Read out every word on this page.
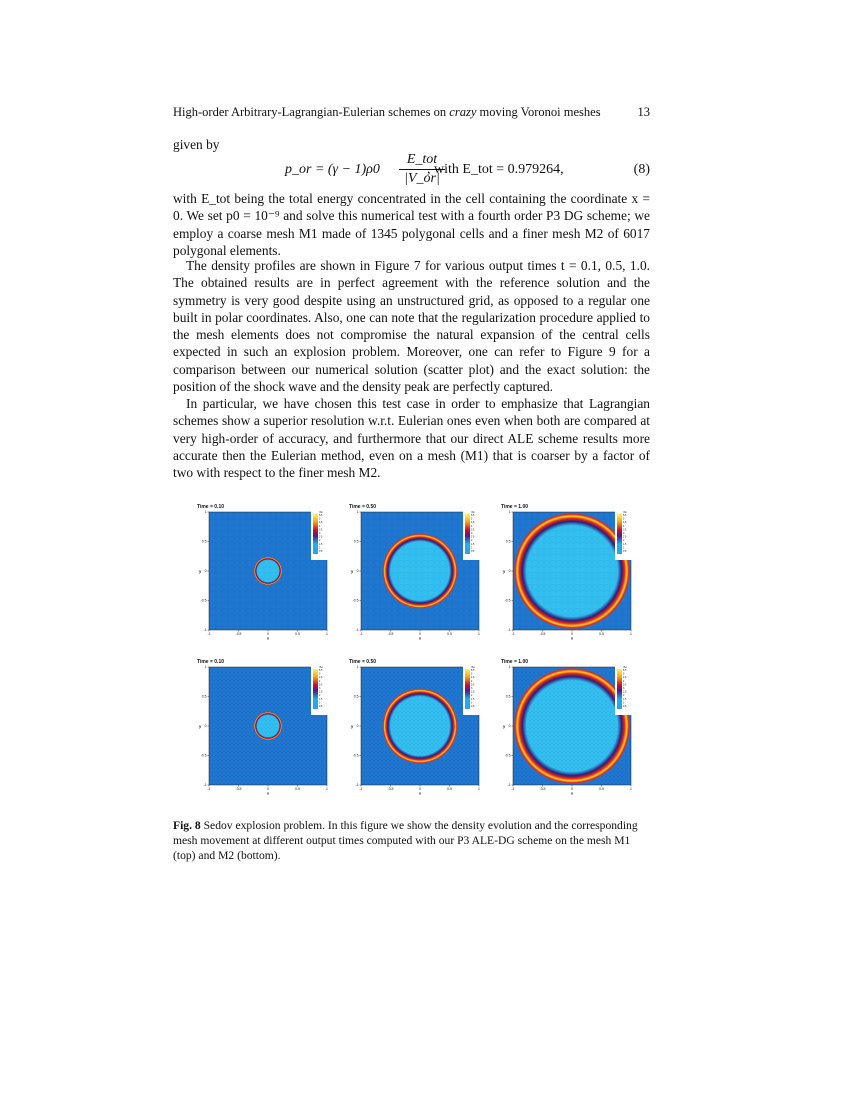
High-order Arbitrary-Lagrangian-Eulerian schemes on crazy moving Voronoi meshes	13
given by
p_or = (γ − 1)ρ0
E_tot
|V_or|
, with E_tot = 0.979264,	(8)
with E_tot being the total energy concentrated in the cell containing the coordinate x = 0. We set p0 = 10⁻⁹ and solve this numerical test with a fourth order P3 DG scheme; we employ a coarse mesh M1 made of 1345 polygonal cells and a finer mesh M2 of 6017 polygonal elements.
The density profiles are shown in Figure 7 for various output times t = 0.1, 0.5, 1.0. The obtained results are in perfect agreement with the reference solution and the symmetry is very good despite using an unstructured grid, as opposed to a regular one built in polar coordinates. Also, one can note that the regularization procedure applied to the mesh elements does not compromise the natural expansion of the central cells expected in such an explosion problem. Moreover, one can refer to Figure 9 for a comparison between our numerical solution (scatter plot) and the exact solution: the position of the shock wave and the density peak are perfectly captured.
In particular, we have chosen this test case in order to emphasize that Lagrangian schemes show a superior resolution w.r.t. Eulerian ones even when both are compared at very high-order of accuracy, and furthermore that our direct ALE scheme results more accurate then the Eulerian method, even on a mesh (M1) that is coarser by a factor of two with respect to the finer mesh M2.
Time = 0.10
rho
5.5
5
4.5
4
3.5
3
2.5
2
1.5
1
0.5
-1
-1
-0.5
-0.5
0
0
0.5
0.5
1
1
x
y
Time = 0.50
rho
5.5
5
4.5
4
3.5
3
2.5
2
1.5
1
0.5
-1
-1
-0.5
-0.5
0
0
0.5
0.5
1
1
x
y
Time = 1.00
rho
5.5
5
4.5
4
3.5
3
2.5
2
1.5
1
0.5
-1
-1
-0.5
-0.5
0
0
0.5
0.5
1
1
x
y
Time = 0.10
rho
5.5
5
4.5
4
3.5
3
2.5
2
1.5
1
0.5
-1
-1
-0.5
-0.5
0
0
0.5
0.5
1
1
x
y
Time = 0.50
rho
5.5
5
4.5
4
3.5
3
2.5
2
1.5
1
0.5
-1
-1
-0.5
-0.5
0
0
0.5
0.5
1
1
x
y
Time = 1.00
rho
5.5
5
4.5
4
3.5
3
2.5
2
1.5
1
0.5
-1
-1
-0.5
-0.5
0
0
0.5
0.5
1
1
x
y
Fig. 8 Sedov explosion problem. In this figure we show the density evolution and the corresponding mesh movement at different output times computed with our P3 ALE-DG scheme on the mesh M1 (top) and M2 (bottom).
